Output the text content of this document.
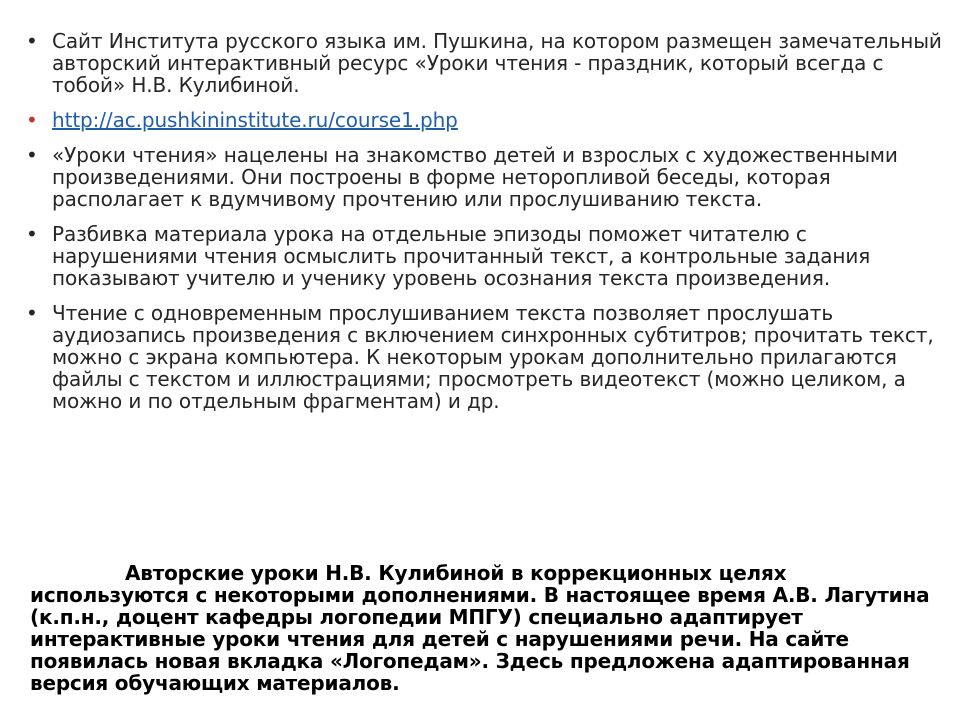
• Сайт Института русского языка им. Пушкина, на котором размещен замечательный авторский интерактивный ресурс «Уроки чтения - праздник, который всегда с тобой» Н.В. Кулибиной.
• http://ac.pushkininstitute.ru/course1.php
• «Уроки чтения» нацелены на знакомство детей и взрослых с художественными произведениями. Они построены в форме неторопливой беседы, которая располагает к вдумчивому прочтению или прослушиванию текста.
• Разбивка материала урока на отдельные эпизоды поможет читателю с нарушениями чтения осмыслить прочитанный текст, а контрольные задания показывают учителю и ученику уровень осознания текста произведения.
• Чтение с одновременным прослушиванием текста позволяет прослушать аудиозапись произведения с включением синхронных субтитров; прочитать текст, можно с экрана компьютера. К некоторым урокам дополнительно прилагаются файлы с текстом и иллюстрациями; просмотреть видеотекст (можно целиком, а можно и по отдельным фрагментам) и др.
Авторские уроки Н.В. Кулибиной в коррекционных целях используются с некоторыми дополнениями. В настоящее время А.В. Лагутина (к.п.н., доцент кафедры логопедии МПГУ) специально адаптирует интерактивные уроки чтения для детей с нарушениями речи. На сайте появилась новая вкладка «Логопедам». Здесь предложена адаптированная версия обучающих материалов.
